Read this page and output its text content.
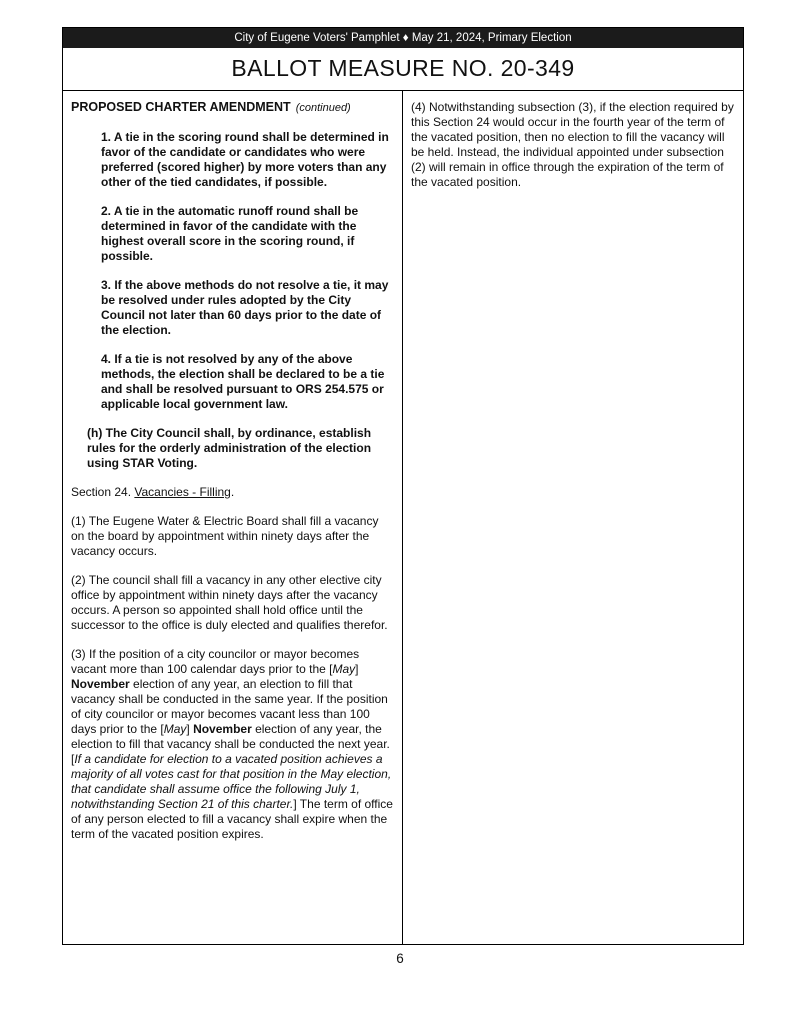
City of Eugene Voters' Pamphlet ♦ May 21, 2024, Primary Election
BALLOT MEASURE NO. 20-349

PROPOSED CHARTER AMENDMENT (continued)

1. A tie in the scoring round shall be determined in favor of the candidate or candidates who were preferred (scored higher) by more voters than any other of the tied candidates, if possible.

2. A tie in the automatic runoff round shall be determined in favor of the candidate with the highest overall score in the scoring round, if possible.

3. If the above methods do not resolve a tie, it may be resolved under rules adopted by the City Council not later than 60 days prior to the date of the election.

4. If a tie is not resolved by any of the above methods, the election shall be declared to be a tie and shall be resolved pursuant to ORS 254.575 or applicable local government law.

(h) The City Council shall, by ordinance, establish rules for the orderly administration of the election using STAR Voting.

Section 24. Vacancies - Filling.

(1) The Eugene Water & Electric Board shall fill a vacancy on the board by appointment within ninety days after the vacancy occurs.

(2) The council shall fill a vacancy in any other elective city office by appointment within ninety days after the vacancy occurs. A person so appointed shall hold office until the successor to the office is duly elected and qualifies therefor.

(3) If the position of a city councilor or mayor becomes vacant more than 100 calendar days prior to the [May] November election of any year, an election to fill that vacancy shall be conducted in the same year. If the position of city councilor or mayor becomes vacant less than 100 days prior to the [May] November election of any year, the election to fill that vacancy shall be conducted the next year. [If a candidate for election to a vacated position achieves a majority of all votes cast for that position in the May election, that candidate shall assume office the following July 1, notwithstanding Section 21 of this charter.] The term of office of any person elected to fill a vacancy shall expire when the term of the vacated position expires.

(4) Notwithstanding subsection (3), if the election required by this Section 24 would occur in the fourth year of the term of the vacated position, then no election to fill the vacancy will be held. Instead, the individual appointed under subsection (2) will remain in office through the expiration of the term of the vacated position.

6
